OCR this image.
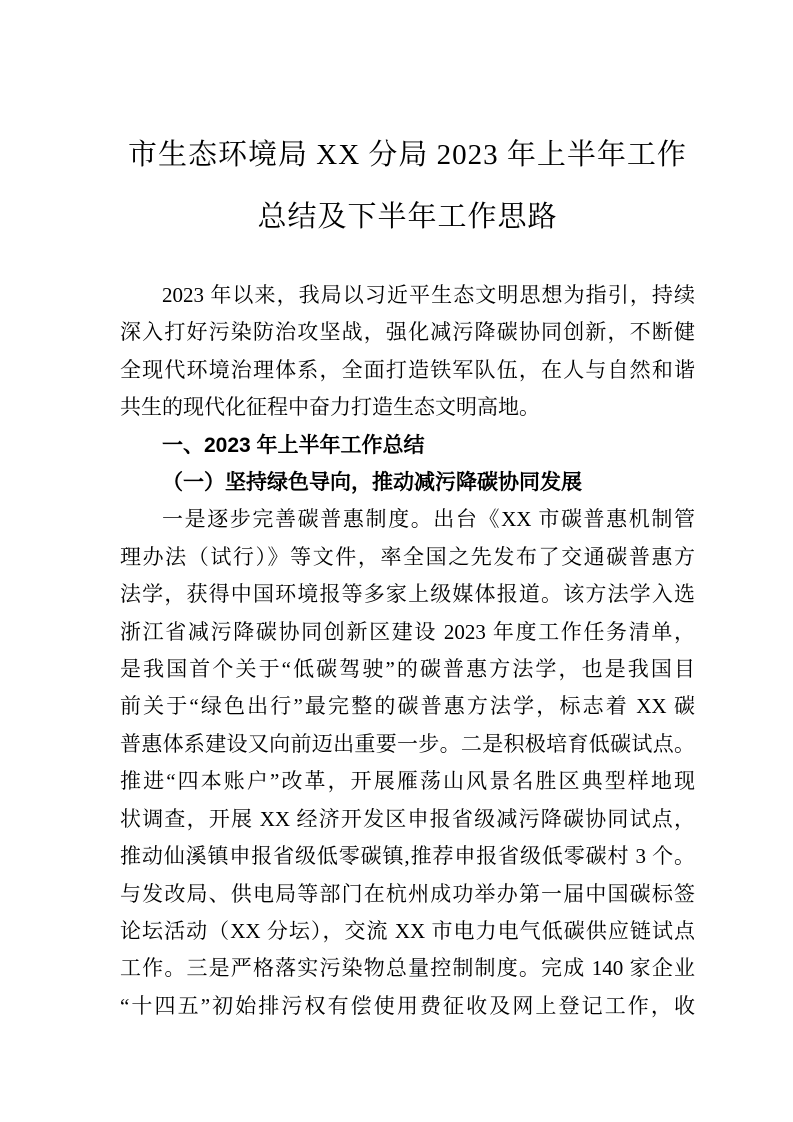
市生态环境局 XX 分局 2023 年上半年工作
总结及下半年工作思路
2023 年以来，我局以习近平生态文明思想为指引，持续
深入打好污染防治攻坚战，强化减污降碳协同创新，不断健
全现代环境治理体系，全面打造铁军队伍，在人与自然和谐
共生的现代化征程中奋力打造生态文明高地。
一、2023 年上半年工作总结
（一）坚持绿色导向，推动减污降碳协同发展
一是逐步完善碳普惠制度。出台《XX 市碳普惠机制管
理办法（试行）》等文件，率全国之先发布了交通碳普惠方
法学，获得中国环境报等多家上级媒体报道。该方法学入选
浙江省减污降碳协同创新区建设 2023 年度工作任务清单，
是我国首个关于“低碳驾驶”的碳普惠方法学，也是我国目
前关于“绿色出行”最完整的碳普惠方法学，标志着 XX 碳
普惠体系建设又向前迈出重要一步。二是积极培育低碳试点。
推进“四本账户”改革，开展雁荡山风景名胜区典型样地现
状调查，开展 XX 经济开发区申报省级减污降碳协同试点，
推动仙溪镇申报省级低零碳镇,推荐申报省级低零碳村 3 个。
与发改局、供电局等部门在杭州成功举办第一届中国碳标签
论坛活动（XX 分坛），交流 XX 市电力电气低碳供应链试点
工作。三是严格落实污染物总量控制制度。完成 140 家企业
“十四五”初始排污权有偿使用费征收及网上登记工作，收
